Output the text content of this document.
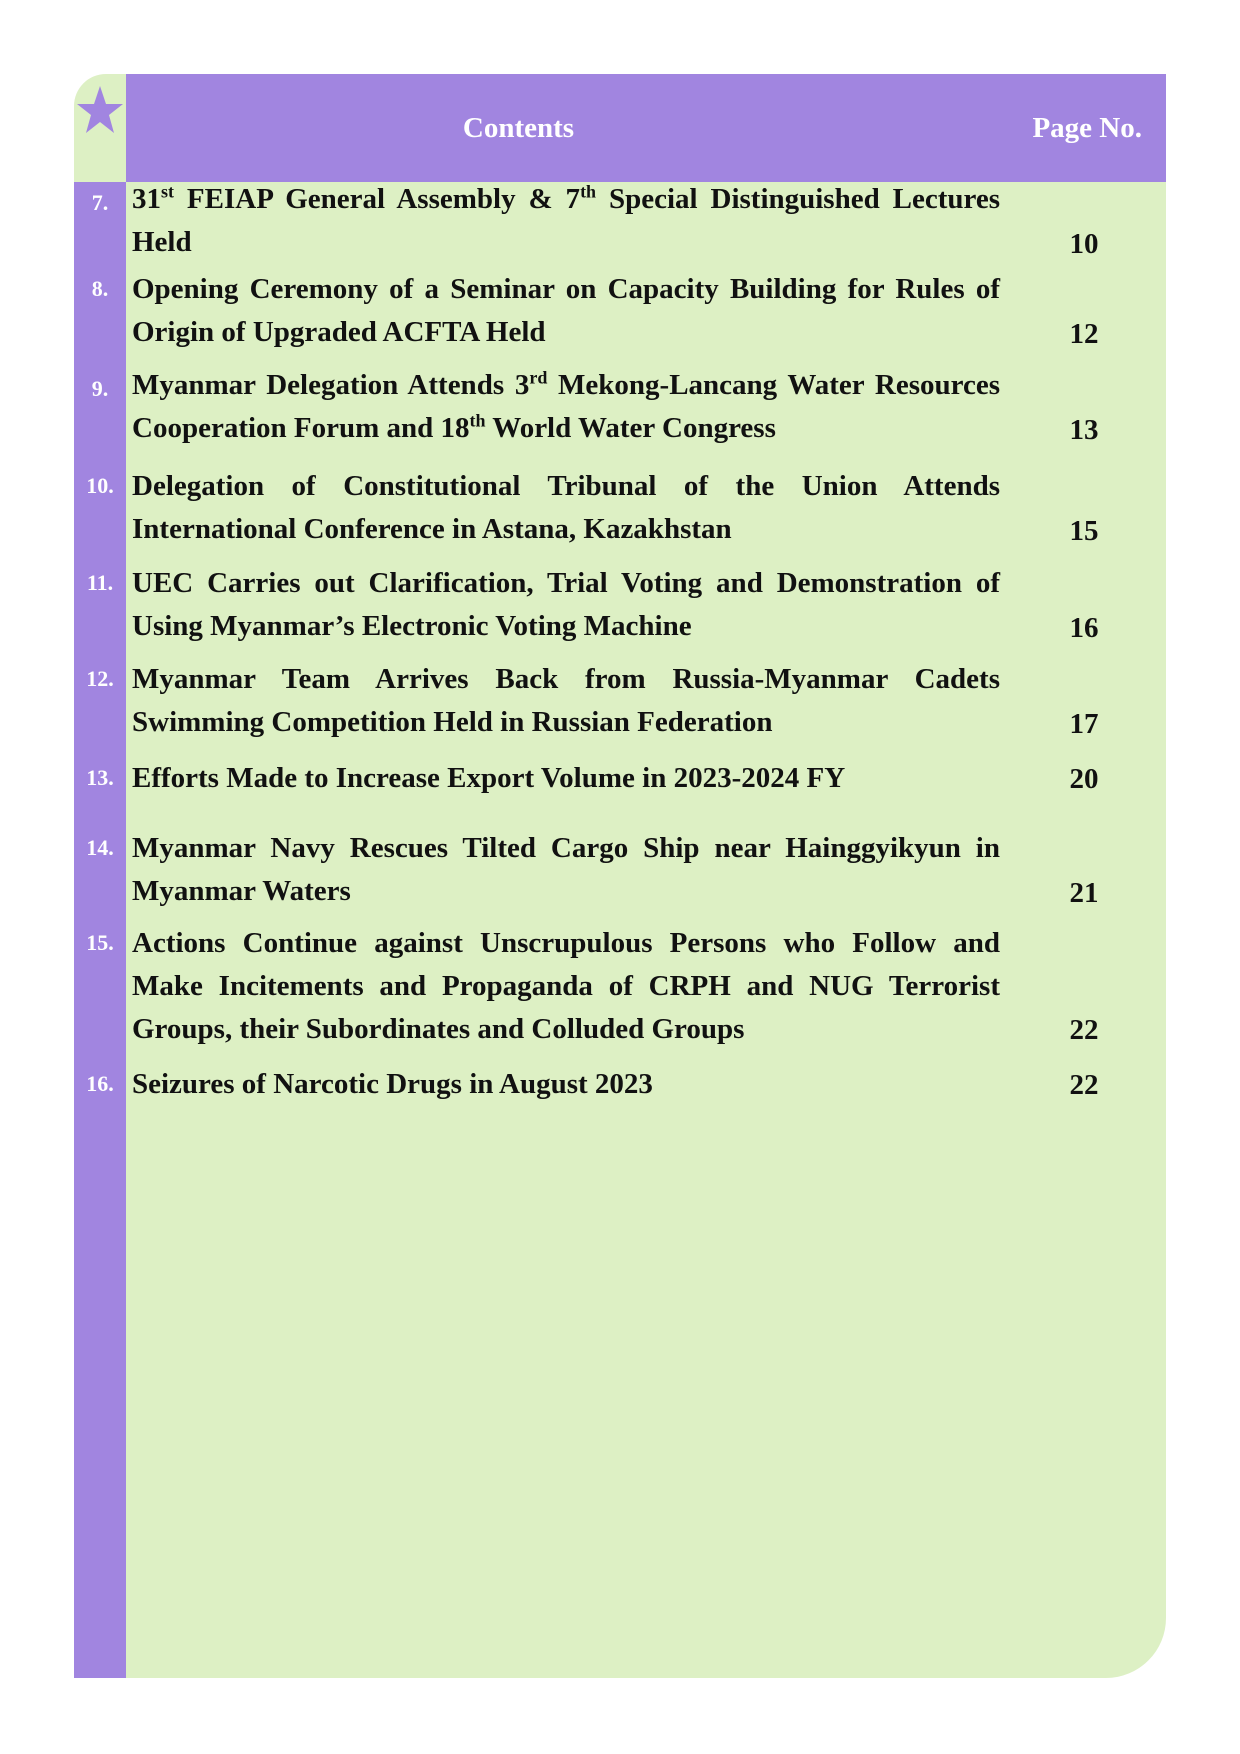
Contents	Page No.
7. 31st FEIAP General Assembly & 7th Special Distinguished Lectures Held	10
8. Opening Ceremony of a Seminar on Capacity Building for Rules of Origin of Upgraded ACFTA Held	12
9. Myanmar Delegation Attends 3rd Mekong-Lancang Water Resources Cooperation Forum and 18th World Water Congress	13
10. Delegation of Constitutional Tribunal of the Union Attends International Conference in Astana, Kazakhstan	15
11. UEC Carries out Clarification, Trial Voting and Demonstration of Using Myanmar’s Electronic Voting Machine	16
12. Myanmar Team Arrives Back from Russia-Myanmar Cadets Swimming Competition Held in Russian Federation	17
13. Efforts Made to Increase Export Volume in 2023-2024 FY	20
14. Myanmar Navy Rescues Tilted Cargo Ship near Hainggyikyun in Myanmar Waters	21
15. Actions Continue against Unscrupulous Persons who Follow and Make Incitements and Propaganda of CRPH and NUG Terrorist Groups, their Subordinates and Colluded Groups	22
16. Seizures of Narcotic Drugs in August 2023	22
